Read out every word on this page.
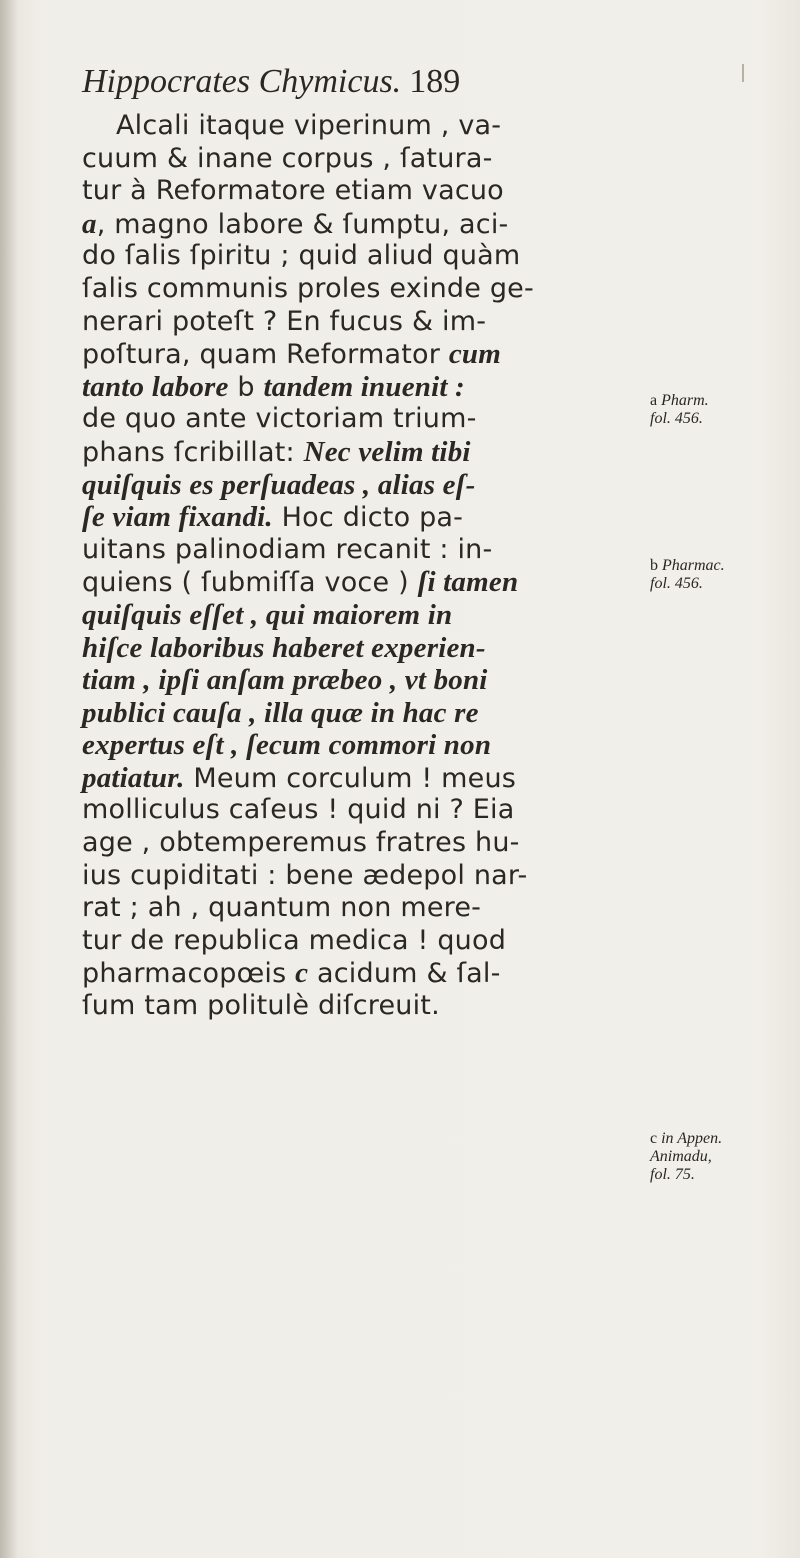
Hippocrates Chymicus. 189
Alcali itaque viperinum , va-
cuum & inane corpus , ſatura-
tur à Reformatore etiam vacuo
a, magno labore & ſumptu, aci-
do ſalis ſpiritu ; quid aliud quàm
ſalis communis proles exinde ge-
nerari poteſt ? En fucus & im-
poſtura, quam Reformator cum
tanto labore b tandem inuenit :
de quo ante victoriam trium-
phans ſcribillat: Nec velim tibi
quiſquis es perſuadeas , alias eſ-
ſe viam fixandi. Hoc dicto pa-
uitans palinodiam recanit : in-
quiens ( ſubmiſſa voce ) ſi tamen
quiſquis eſſet , qui maiorem in
hiſce laboribus haberet experien-
tiam , ipſi anſam præbeo , vt boni
publici cauſa , illa quæ in hac re
expertus eſt , ſecum commori non
patiatur. Meum corculum ! meus
molliculus caſeus ! quid ni ? Eia
age , obtemperemus fratres hu-
ius cupiditati : bene ædepol nar-
rat ; ah , quantum non mere-
tur de republica medica ! quod
pharmacopœis c acidum & ſal-
ſum tam politulè diſcreuit.
a Pharm.
fol. 456.
b Pharmac.
fol. 456.
c in Appen.
Animadu,
fol. 75.
